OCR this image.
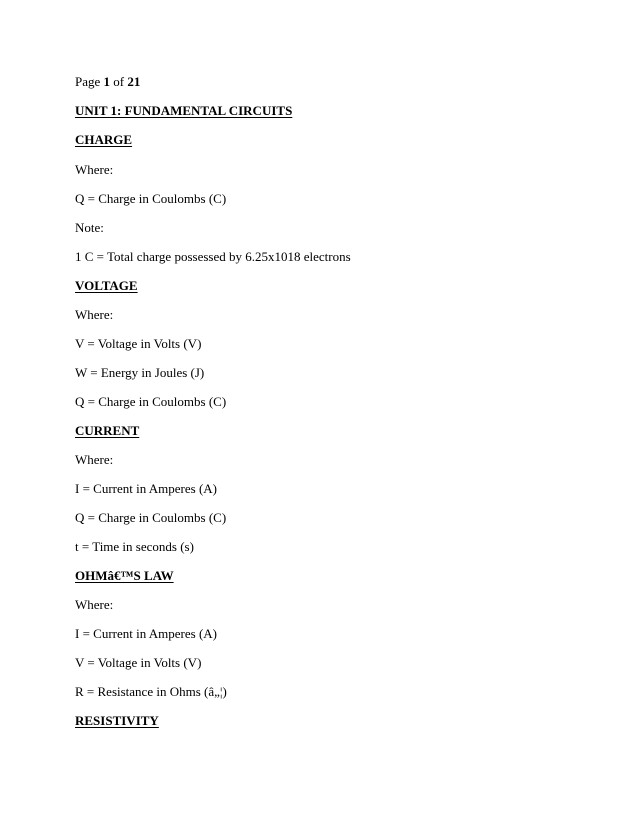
Page 1 of 21
UNIT 1: FUNDAMENTAL CIRCUITS
CHARGE
Where:
Q = Charge in Coulombs (C)
Note:
1 C = Total charge possessed by 6.25x1018 electrons
VOLTAGE
Where:
V = Voltage in Volts (V)
W = Energy in Joules (J)
Q = Charge in Coulombs (C)
CURRENT
Where:
I = Current in Amperes (A)
Q = Charge in Coulombs (C)
t = Time in seconds (s)
OHMâ€™S LAW
Where:
I = Current in Amperes (A)
V = Voltage in Volts (V)
R = Resistance in Ohms (â„¦)
RESISTIVITY
